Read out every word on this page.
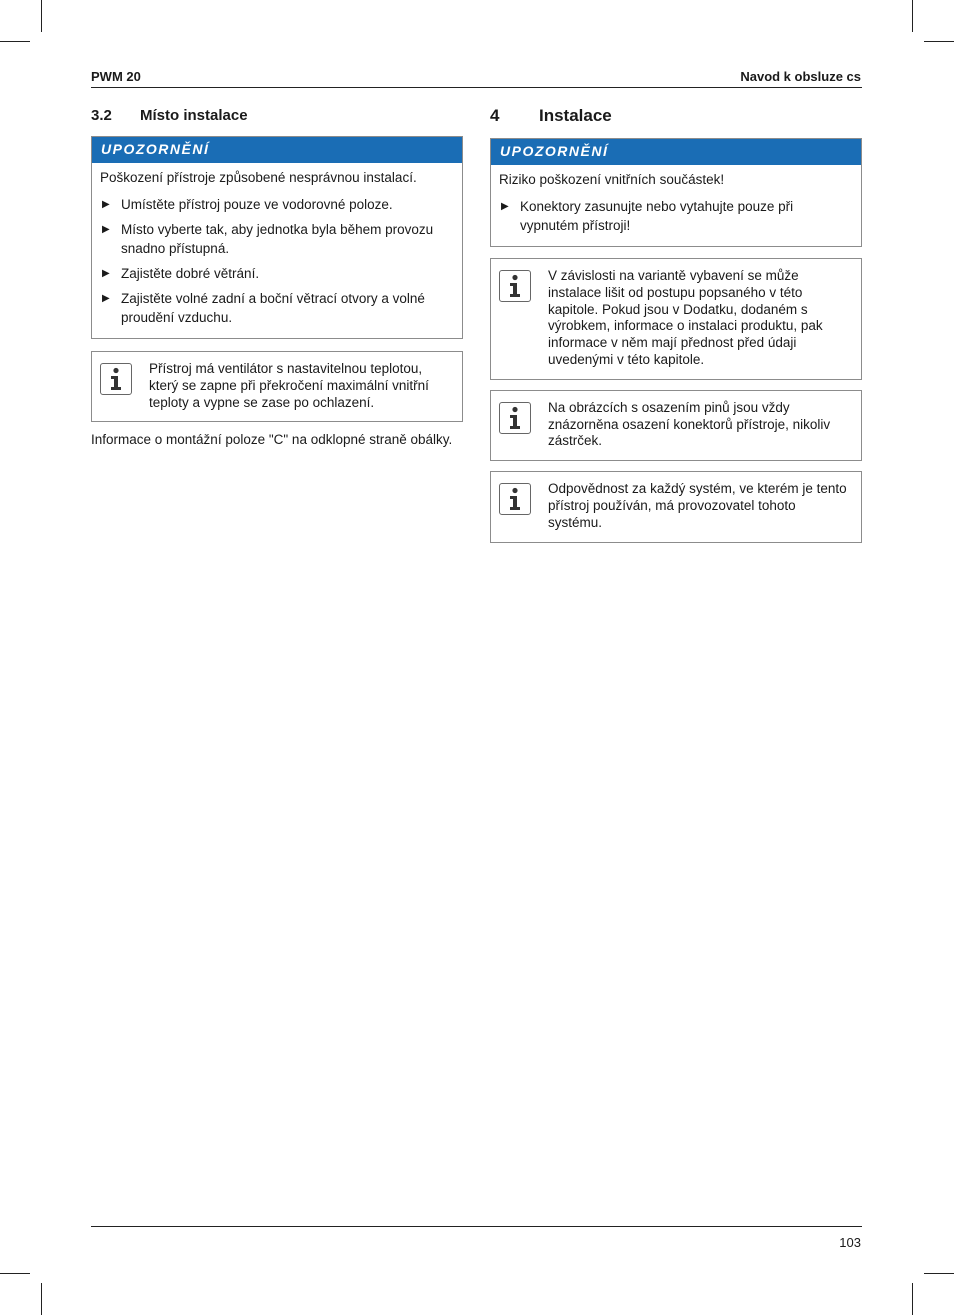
PWM 20	Navod k obsluze cs
3.2	Místo instalace
UPOZORNĚNÍ

Poškození přístroje způsobené nesprávnou instalací.

▶ Umístěte přístroj pouze ve vodorovné poloze.
▶ Místo vyberte tak, aby jednotka byla během provozu snadno přístupná.
▶ Zajistěte dobré větrání.
▶ Zajistěte volné zadní a boční větrací otvory a volné proudění vzduchu.
Přístroj má ventilátor s nastavitelnou teplotou, který se zapne při překročení maximální vnitřní teploty a vypne se zase po ochlazení.
Informace o montážní poloze "C" na odklopné straně obálky.
4	Instalace
UPOZORNĚNÍ

Riziko poškození vnitřních součástek!

▶ Konektory zasunujte nebo vytahujte pouze při vypnutém přístroji!
V závislosti na variantě vybavení se může instalace lišit od postupu popsaného v této kapitole. Pokud jsou v Dodatku, dodaném s výrobkem, informace o instalaci produktu, pak informace v něm mají přednost před údaji uvedenými v této kapitole.
Na obrázcích s osazením pinů jsou vždy znázorněna osazení konektorů přístroje, nikoliv zástrček.
Odpovědnost za každý systém, ve kterém je tento přístroj používán, má provozovatel tohoto systému.
103
